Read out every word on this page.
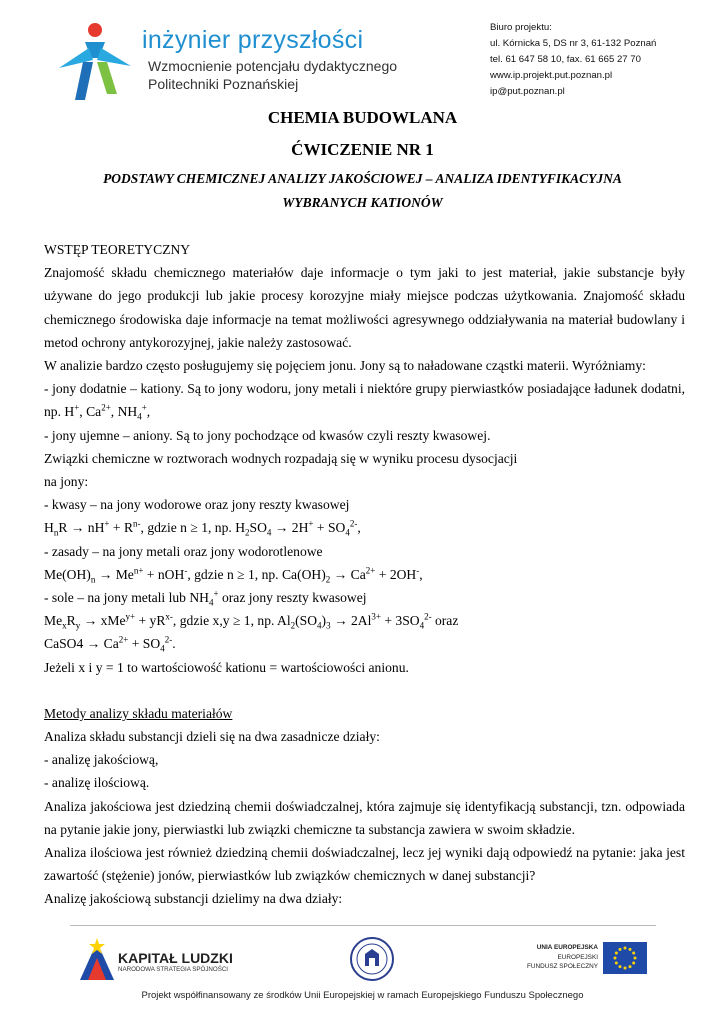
inżynier przyszłości
Wzmocnienie potencjału dydaktycznego
Politechniki Poznańskiej
Biuro projektu:
ul. Kórnicka 5, DS nr 3, 61-132 Poznań
tel. 61 647 58 10, fax. 61 665 27 70
www.ip.projekt.put.poznan.pl
ip@put.poznan.pl
CHEMIA BUDOWLANA
ĆWICZENIE NR 1
PODSTAWY CHEMICZNEJ ANALIZY JAKOŚCIOWEJ – ANALIZA IDENTYFIKACYJNA
WYBRANYCH KATIONÓW

WSTĘP TEORETYCZNY

Znajomość składu chemicznego materiałów daje informacje o tym jaki to jest materiał, jakie substancje były używane do jego produkcji lub jakie procesy korozyjne miały miejsce podczas użytkowania. Znajomość składu chemicznego środowiska daje informacje na temat możliwości agresywnego oddziaływania na materiał budowlany i metod ochrony antykorozyjnej, jakie należy zastosować.

W analizie bardzo często posługujemy się pojęciem jonu. Jony są to naładowane cząstki materii. Wyróżniamy:

- jony dodatnie – kationy. Są to jony wodoru, jony metali i niektóre grupy pierwiastków posiadające ładunek dodatni, np. H+, $Ca^{2+}$, $NH_4^+$,

- jony ujemne – aniony. Są to jony pochodzące od kwasów czyli reszty kwasowej.

Związki chemiczne w roztworach wodnych rozpadają się w wyniku procesu dysocjacji

na jony:

- kwasy – na jony wodorowe oraz jony reszty kwasowej

$H_nR \to nH^+ + R^{n-}$, gdzie n ≥ 1, np. $H_2SO_4 \to 2H^+ + SO_4^{2-}$,

- zasady – na jony metali oraz jony wodorotlenowe

$Me(OH)_n \to Me^{n+} + nOH^-$, gdzie n ≥ 1, np. $Ca(OH)_2 \to Ca^{2+} + 2OH^-$,

- sole – na jony metali lub $NH_4^+$ oraz jony reszty kwasowej

$Me_xR_y \to xMe^{y+} + yR^{x-}$, gdzie x,y ≥ 1, np. $Al_2(SO_4)_3 \to 2Al^{3+} + 3SO_4^{2-}$ oraz

CaSO4 → $Ca^{2+} + SO_4^{2-}$.

Jeżeli x i y = 1 to wartościowość kationu = wartościowości anionu.

Metody analizy składu materiałów

Analiza składu substancji dzieli się na dwa zasadnicze działy:

- analizę jakościową,

- analizę ilościową.

Analiza jakościowa jest dziedziną chemii doświadczalnej, która zajmuje się identyfikacją substancji, tzn. odpowiada na pytanie jakie jony, pierwiastki lub związki chemiczne ta substancja zawiera w swoim składzie.

Analiza ilościowa jest również dziedziną chemii doświadczalnej, lecz jej wyniki dają odpowiedź na pytanie: jaka jest zawartość (stężenie) jonów, pierwiastków lub związków chemicznych w danej substancji?

Analizę jakościową substancji dzielimy na dwa działy:

KAPITAŁ LUDZKI
NARODOWA STRATEGIA SPÓJNOŚCI
UNIA EUROPEJSKA
EUROPEJSKI
FUNDUSZ SPOŁECZNY
Projekt współfinansowany ze środków Unii Europejskiej w ramach Europejskiego Funduszu Społecznego
